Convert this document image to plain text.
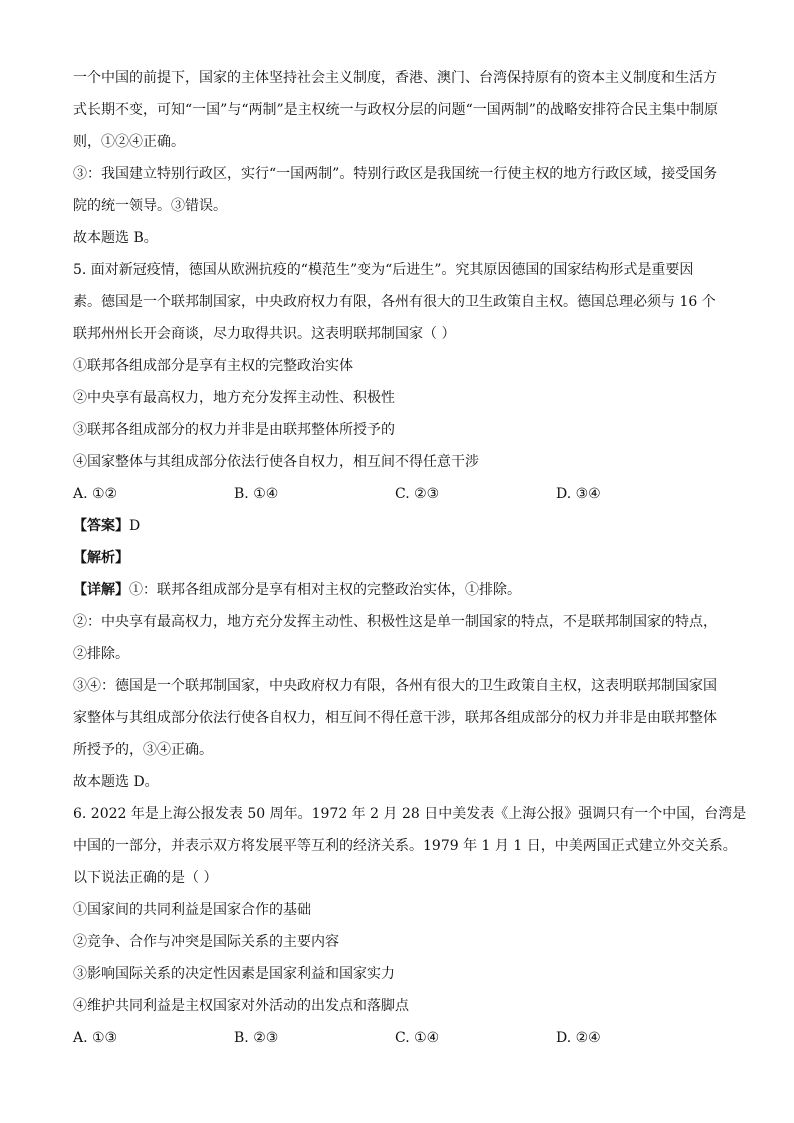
一个中国的前提下，国家的主体坚持社会主义制度，香港、澳门、台湾保持原有的资本主义制度和生活方
式长期不变，可知“一国”与“两制”是主权统一与政权分层的问题“一国两制”的战略安排符合民主集中制原
则，①②④正确。
③：我国建立特别行政区，实行“一国两制”。特别行政区是我国统一行使主权的地方行政区域，接受国务
院的统一领导。③错误。
故本题选 B。
5. 面对新冠疫情，德国从欧洲抗疫的“模范生”变为“后进生”。究其原因德国的国家结构形式是重要因
素。德国是一个联邦制国家，中央政府权力有限，各州有很大的卫生政策自主权。德国总理必须与 16 个
联邦州州长开会商谈，尽力取得共识。这表明联邦制国家（ ）
①联邦各组成部分是享有主权的完整政治实体
②中央享有最高权力，地方充分发挥主动性、积极性
③联邦各组成部分的权力并非是由联邦整体所授予的
④国家整体与其组成部分依法行使各自权力，相互间不得任意干涉
A. ①②	B. ①④	C. ②③	D. ③④
【答案】D
【解析】
【详解】①：联邦各组成部分是享有相对主权的完整政治实体，①排除。
②：中央享有最高权力，地方充分发挥主动性、积极性这是单一制国家的特点，不是联邦制国家的特点，
②排除。
③④：德国是一个联邦制国家，中央政府权力有限，各州有很大的卫生政策自主权，这表明联邦制国家国
家整体与其组成部分依法行使各自权力，相互间不得任意干涉，联邦各组成部分的权力并非是由联邦整体
所授予的，③④正确。
故本题选 D。
6. 2022 年是上海公报发表 50 周年。1972 年 2 月 28 日中美发表《上海公报》强调只有一个中国，台湾是
中国的一部分，并表示双方将发展平等互利的经济关系。1979 年 1 月 1 日，中美两国正式建立外交关系。
以下说法正确的是（ ）
①国家间的共同利益是国家合作的基础
②竞争、合作与冲突是国际关系的主要内容
③影响国际关系的决定性因素是国家利益和国家实力
④维护共同利益是主权国家对外活动的出发点和落脚点
A. ①③	B. ②③	C. ①④	D. ②④
